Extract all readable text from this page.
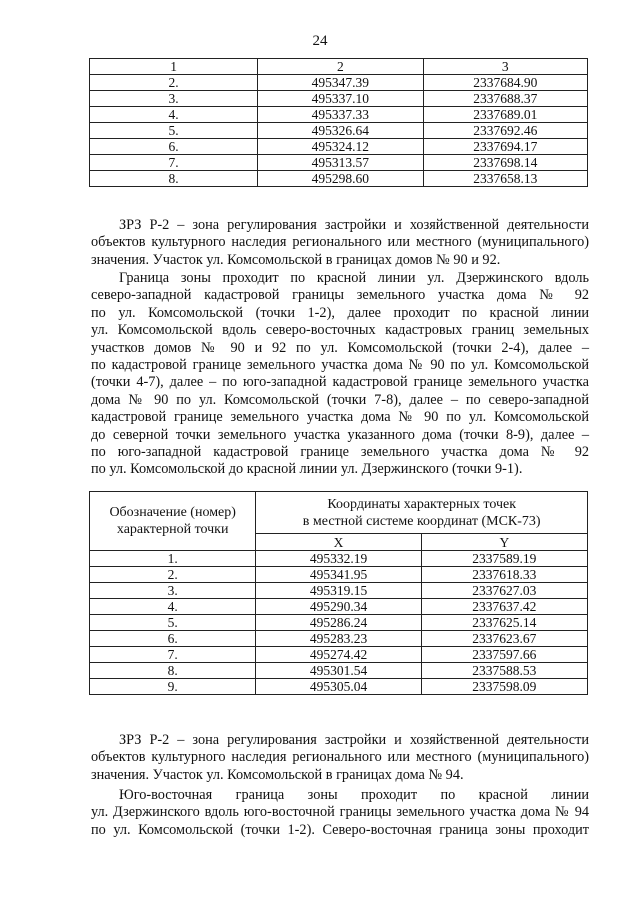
24
1	2	3
2.	495347.39	2337684.90
3.	495337.10	2337688.37
4.	495337.33	2337689.01
5.	495326.64	2337692.46
6.	495324.12	2337694.17
7.	495313.57	2337698.14
8.	495298.60	2337658.13
ЗРЗ Р-2 – зона регулирования застройки и хозяйственной деятельности
объектов культурного наследия регионального или местного (муниципального)
значения. Участок ул. Комсомольской в границах домов № 90 и 92.
Граница зоны проходит по красной линии ул. Дзержинского вдоль
северо-западной кадастровой границы земельного участка дома № 92
по ул. Комсомольской (точки 1-2), далее проходит по красной линии
ул. Комсомольской вдоль северо-восточных кадастровых границ земельных
участков домов № 90 и 92 по ул. Комсомольской (точки 2-4), далее –
по кадастровой границе земельного участка дома № 90 по ул. Комсомольской
(точки 4-7), далее – по юго-западной кадастровой границе земельного участка
дома № 90 по ул. Комсомольской (точки 7-8), далее – по северо-западной
кадастровой границе земельного участка дома № 90 по ул. Комсомольской
до северной точки земельного участка указанного дома (точки 8-9), далее –
по юго-западной кадастровой границе земельного участка дома № 92
по ул. Комсомольской до красной линии ул. Дзержинского (точки 9-1).
Обозначение (номер)
характерной точки	Координаты характерных точек
в местной системе координат (МСК-73)	
	X	Y
1.	495332.19	2337589.19
2.	495341.95	2337618.33
3.	495319.15	2337627.03
4.	495290.34	2337637.42
5.	495286.24	2337625.14
6.	495283.23	2337623.67
7.	495274.42	2337597.66
8.	495301.54	2337588.53
9.	495305.04	2337598.09
ЗРЗ Р-2 – зона регулирования застройки и хозяйственной деятельности
объектов культурного наследия регионального или местного (муниципального)
значения. Участок ул. Комсомольской в границах дома № 94.
Юго-восточная граница зоны проходит по красной линии
ул. Дзержинского вдоль юго-восточной границы земельного участка дома № 94
по ул. Комсомольской (точки 1-2). Северо-восточная граница зоны проходит
